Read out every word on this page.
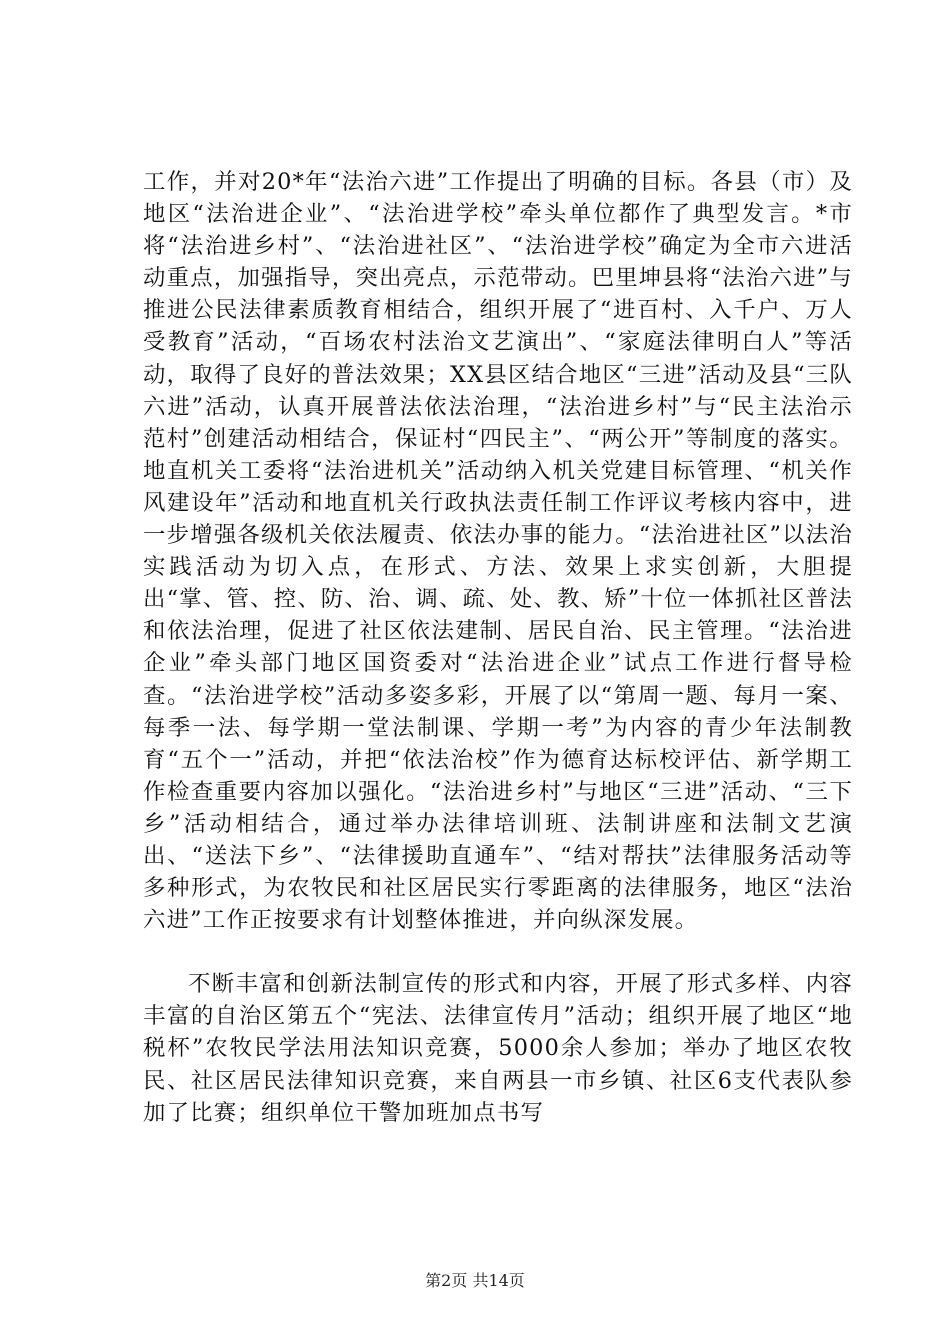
工作，并对20*年“法治六进”工作提出了明确的目标。各县（市）及地区“法治进企业”、“法治进学校”牵头单位都作了典型发言。*市将“法治进乡村”、“法治进社区”、“法治进学校”确定为全市六进活动重点，加强指导，突出亮点，示范带动。巴里坤县将“法治六进”与推进公民法律素质教育相结合，组织开展了“进百村、入千户、万人受教育”活动，“百场农村法治文艺演出”、“家庭法律明白人”等活动，取得了良好的普法效果；XX县区结合地区“三进”活动及县“三队六进”活动，认真开展普法依法治理，“法治进乡村”与“民主法治示范村”创建活动相结合，保证村“四民主”、“两公开”等制度的落实。地直机关工委将“法治进机关”活动纳入机关党建目标管理、“机关作风建设年”活动和地直机关行政执法责任制工作评议考核内容中，进一步增强各级机关依法履责、依法办事的能力。“法治进社区”以法治实践活动为切入点，在形式、方法、效果上求实创新，大胆提出“掌、管、控、防、治、调、疏、处、教、矫”十位一体抓社区普法和依法治理，促进了社区依法建制、居民自治、民主管理。“法治进企业”牵头部门地区国资委对“法治进企业”试点工作进行督导检查。“法治进学校”活动多姿多彩，开展了以“第周一题、每月一案、每季一法、每学期一堂法制课、学期一考”为内容的青少年法制教育“五个一”活动，并把“依法治校”作为德育达标校评估、新学期工作检查重要内容加以强化。“法治进乡村”与地区“三进”活动、“三下乡”活动相结合，通过举办法律培训班、法制讲座和法制文艺演出、“送法下乡”、“法律援助直通车”、“结对帮扶”法律服务活动等多种形式，为农牧民和社区居民实行零距离的法律服务，地区“法治六进”工作正按要求有计划整体推进，并向纵深发展。

不断丰富和创新法制宣传的形式和内容，开展了形式多样、内容丰富的自治区第五个“宪法、法律宣传月”活动；组织开展了地区“地税杯”农牧民学法用法知识竞赛，5000余人参加；举办了地区农牧民、社区居民法律知识竞赛，来自两县一市乡镇、社区6支代表队参加了比赛；组织单位干警加班加点书写

第2页 共14页
